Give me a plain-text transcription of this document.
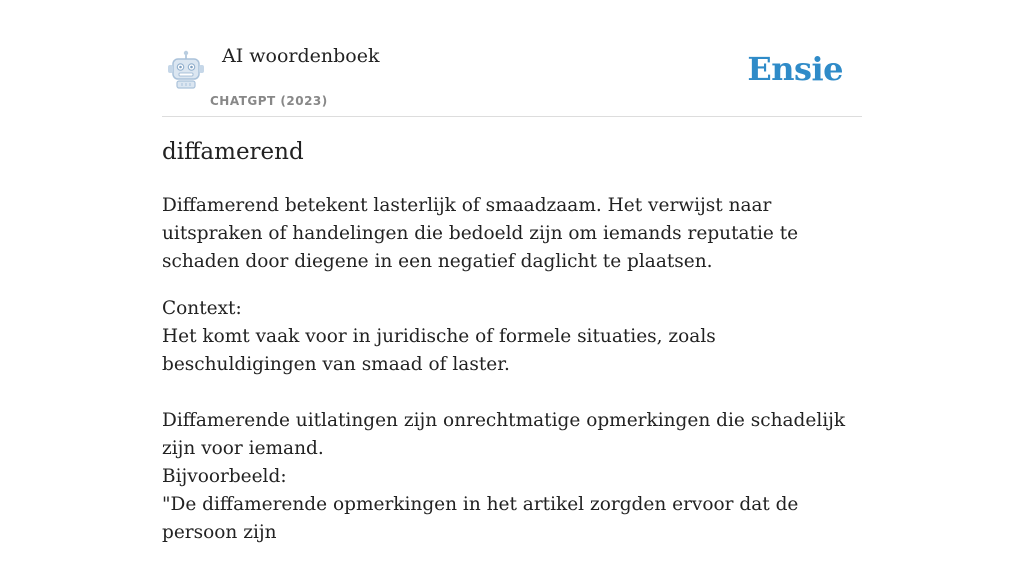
AI woordenboek
CHATGPT (2023)
Ensie
diffamerend

Diffamerend betekent lasterlijk of smaadzaam. Het verwijst naar uitspraken of handelingen die bedoeld zijn om iemands reputatie te schaden door diegene in een negatief daglicht te plaatsen.

Context:
Het komt vaak voor in juridische of formele situaties, zoals beschuldigingen van smaad of laster.

Diffamerende uitlatingen zijn onrechtmatige opmerkingen die schadelijk zijn voor iemand.
Bijvoorbeeld:
"De diffamerende opmerkingen in het artikel zorgden ervoor dat de persoon zijn
